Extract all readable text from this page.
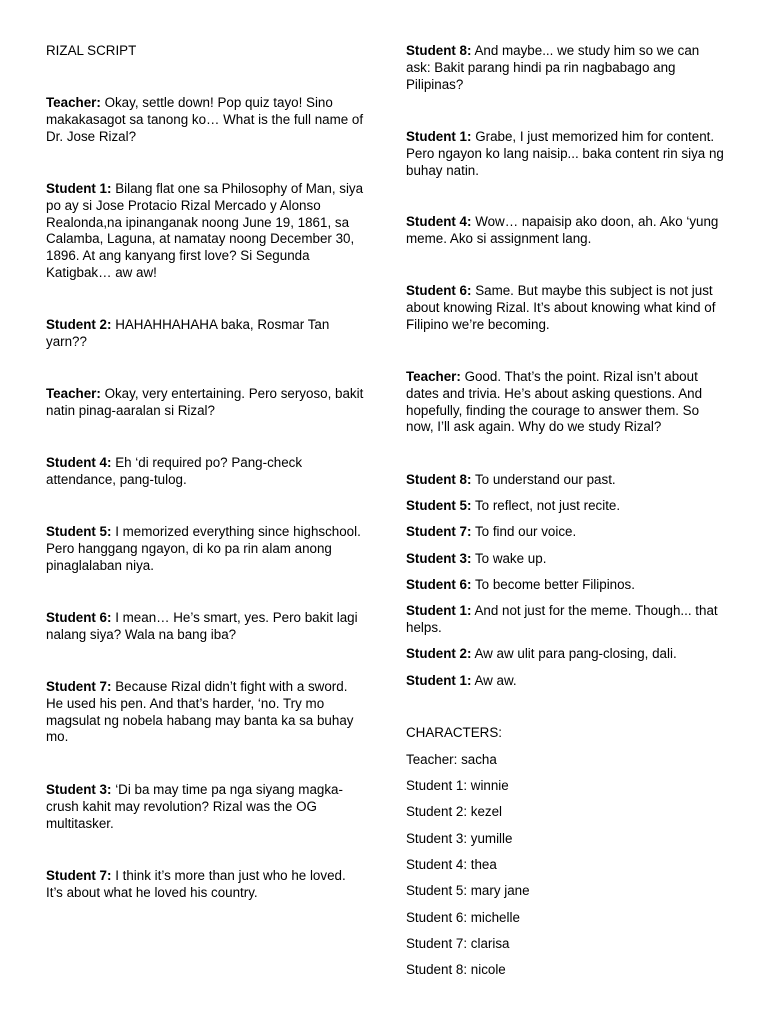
RIZAL SCRIPT

Teacher: Okay, settle down! Pop quiz tayo! Sino makakasagot sa tanong ko… What is the full name of Dr. Jose Rizal?

Student 1: Bilang flat one sa Philosophy of Man, siya po ay si Jose Protacio Rizal Mercado y Alonso Realonda,na ipinanganak noong June 19, 1861, sa Calamba, Laguna, at namatay noong December 30, 1896. At ang kanyang first love? Si Segunda Katigbak… aw aw!

Student 2: HAHAHHAHAHA baka, Rosmar Tan yarn??

Teacher: Okay, very entertaining. Pero seryoso, bakit natin pinag-aaralan si Rizal?

Student 4: Eh ‘di required po? Pang-check attendance, pang-tulog.

Student 5: I memorized everything since highschool. Pero hanggang ngayon, di ko pa rin alam anong pinaglalaban niya.

Student 6: I mean… He’s smart, yes. Pero bakit lagi nalang siya? Wala na bang iba?

Student 7: Because Rizal didn’t fight with a sword. He used his pen. And that’s harder, ‘no. Try mo magsulat ng nobela habang may banta ka sa buhay mo.

Student 3: ‘Di ba may time pa nga siyang magka-crush kahit may revolution? Rizal was the OG multitasker.

Student 7: I think it’s more than just who he loved. It’s about what he loved his country.

Student 8: And maybe... we study him so we can ask: Bakit parang hindi pa rin nagbabago ang Pilipinas?

Student 1: Grabe, I just memorized him for content. Pero ngayon ko lang naisip... baka content rin siya ng buhay natin.

Student 4: Wow… napaisip ako doon, ah. Ako ‘yung meme. Ako si assignment lang.

Student 6: Same. But maybe this subject is not just about knowing Rizal. It’s about knowing what kind of Filipino we’re becoming.

Teacher: Good. That’s the point. Rizal isn’t about dates and trivia. He’s about asking questions. And hopefully, finding the courage to answer them. So now, I’ll ask again. Why do we study Rizal?

Student 8: To understand our past.

Student 5: To reflect, not just recite.

Student 7: To find our voice.

Student 3: To wake up.

Student 6: To become better Filipinos.

Student 1: And not just for the meme. Though... that helps.

Student 2: Aw aw ulit para pang-closing, dali.

Student 1: Aw aw.

CHARACTERS:

Teacher: sacha

Student 1: winnie

Student 2: kezel

Student 3: yumille

Student 4: thea

Student 5: mary jane

Student 6: michelle

Student 7: clarisa

Student 8: nicole
